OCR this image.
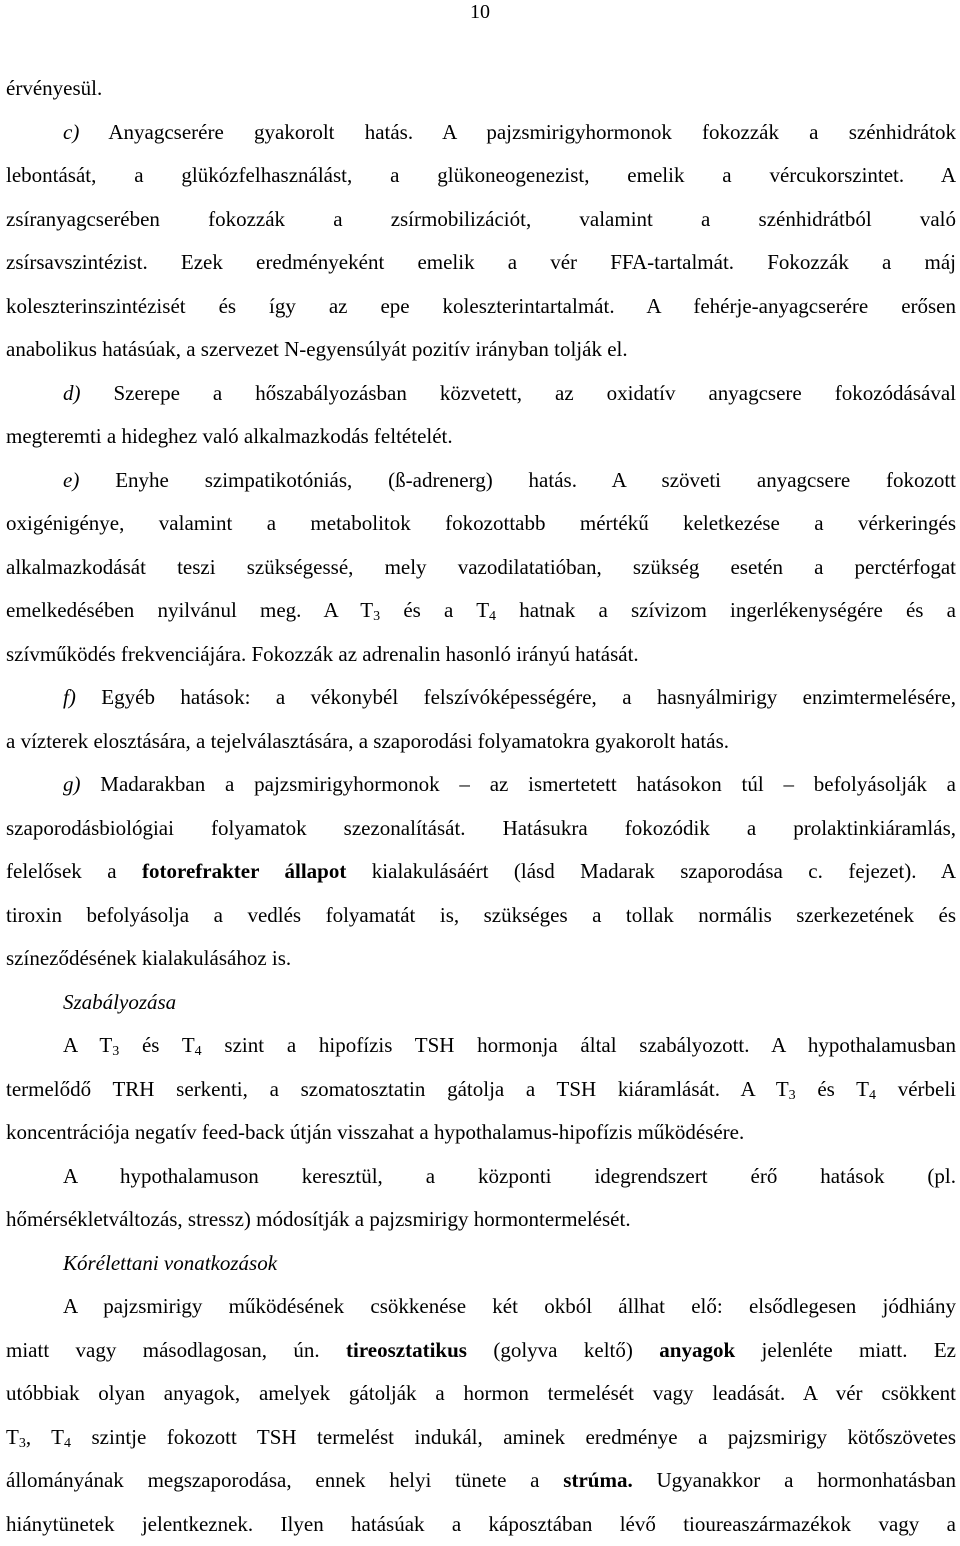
10
érvényesül.
c) Anyagcserére gyakorolt hatás. A pajzsmirigyhormonok fokozzák a szénhidrátok
lebontását, a glükózfelhasználást, a glükoneogenezist, emelik a vércukorszintet. A
zsíranyagcserében fokozzák a zsírmobilizációt, valamint a szénhidrátból való
zsírsavszintézist. Ezek eredményeként emelik a vér FFA-tartalmát. Fokozzák a máj
koleszterinszintézisét és így az epe koleszterintartalmát. A fehérje-anyagcserére erősen
anabolikus hatásúak, a szervezet N-egyensúlyát pozitív irányban tolják el.
d) Szerepe a hőszabályozásban közvetett, az oxidatív anyagcsere fokozódásával
megteremti a hideghez való alkalmazkodás feltételét.
e) Enyhe szimpatikotóniás, (ß-adrenerg) hatás. A szöveti anyagcsere fokozott
oxigénigénye, valamint a metabolitok fokozottabb mértékű keletkezése a vérkeringés
alkalmazkodását teszi szükségessé, mely vazodilatatióban, szükség esetén a perctérfogat
emelkedésében nyilvánul meg. A $T_3$ és a $T_4$ hatnak a szívizom ingerlékenységére és a
szívműködés frekvenciájára. Fokozzák az adrenalin hasonló irányú hatását.
f) Egyéb hatások: a vékonybél felszívóképességére, a hasnyálmirigy enzimtermelésére,
a vízterek elosztására, a tejelválasztására, a szaporodási folyamatokra gyakorolt hatás.
g) Madarakban a pajzsmirigyhormonok – az ismertetett hatásokon túl – befolyásolják a
szaporodásbiológiai folyamatok szezonalítását. Hatásukra fokozódik a prolaktinkiáramlás,
felelősek a fotorefrakter állapot kialakulásáért (lásd Madarak szaporodása c. fejezet). A
tiroxin befolyásolja a vedlés folyamatát is, szükséges a tollak normális szerkezetének és
színeződésének kialakulásához is.
Szabályozása
A $T_3$ és $T_4$ szint a hipofízis TSH hormonja által szabályozott. A hypothalamusban
termelődő TRH serkenti, a szomatosztatin gátolja a TSH kiáramlását. A $T_3$ és $T_4$ vérbeli
koncentrációja negatív feed-back útján visszahat a hypothalamus-hipofízis működésére.
A hypothalamuson keresztül, a központi idegrendszert érő hatások (pl.
hőmérsékletváltozás, stressz) módosítják a pajzsmirigy hormontermelését.
Kórélettani vonatkozások
A pajzsmirigy működésének csökkenése két okból állhat elő: elsődlegesen jódhiány
miatt vagy másodlagosan, ún. tireosztatikus (golyva keltő) anyagok jelenléte miatt. Ez
utóbbiak olyan anyagok, amelyek gátolják a hormon termelését vagy leadását. A vér csökkent
$T_3$, $T_4$ szintje fokozott TSH termelést indukál, aminek eredménye a pajzsmirigy kötőszövetes
állományának megszaporodása, ennek helyi tünete a strúma. Ugyanakkor a hormonhatásban
hiánytünetek jelentkeznek. Ilyen hatásúak a káposztában lévő tioureaszármazékok vagy a
